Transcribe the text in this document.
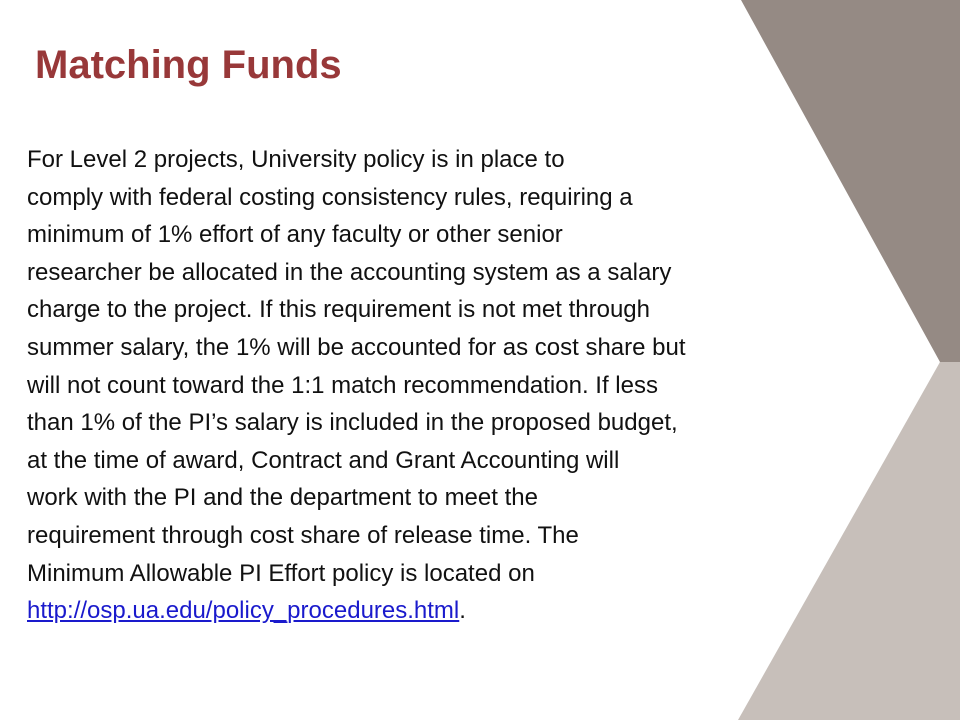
Matching Funds
For Level 2 projects, University policy is in place to
comply with federal costing consistency rules, requiring a
minimum of 1% effort of any faculty or other senior
researcher be allocated in the accounting system as a salary
charge to the project. If this requirement is not met through
summer salary, the 1% will be accounted for as cost share but
will not count toward the 1:1 match recommendation. If less
than 1% of the PI’s salary is included in the proposed budget,
at the time of award, Contract and Grant Accounting will
work with the PI and the department to meet the
requirement through cost share of release time. The
Minimum Allowable PI Effort policy is located on
http://osp.ua.edu/policy_procedures.html.
